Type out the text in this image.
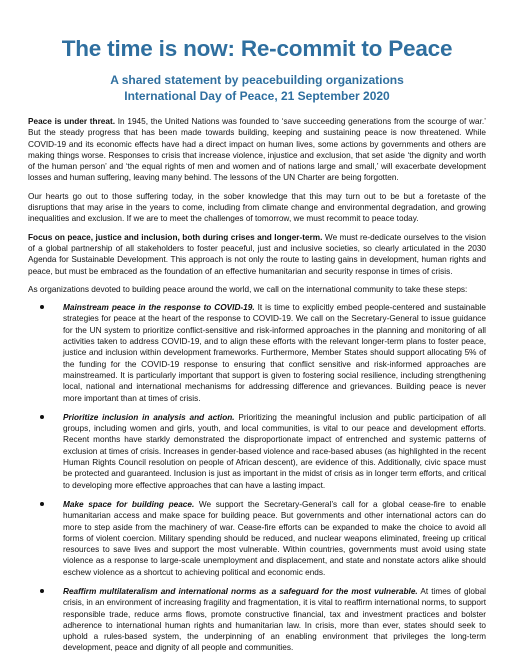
The time is now: Re-commit to Peace
A shared statement by peacebuilding organizations
International Day of Peace, 21 September 2020

Peace is under threat. In 1945, the United Nations was founded to ‘save succeeding generations from the scourge of war.’ But the steady progress that has been made towards building, keeping and sustaining peace is now threatened. While COVID-19 and its economic effects have had a direct impact on human lives, some actions by governments and others are making things worse. Responses to crisis that increase violence, injustice and exclusion, that set aside ‘the dignity and worth of the human person’ and ‘the equal rights of men and women and of nations large and small,’ will exacerbate development losses and human suffering, leaving many behind. The lessons of the UN Charter are being forgotten.

Our hearts go out to those suffering today, in the sober knowledge that this may turn out to be but a foretaste of the disruptions that may arise in the years to come, including from climate change and environmental degradation, and growing inequalities and exclusion. If we are to meet the challenges of tomorrow, we must recommit to peace today.

Focus on peace, justice and inclusion, both during crises and longer-term. We must re-dedicate ourselves to the vision of a global partnership of all stakeholders to foster peaceful, just and inclusive societies, so clearly articulated in the 2030 Agenda for Sustainable Development. This approach is not only the route to lasting gains in development, human rights and peace, but must be embraced as the foundation of an effective humanitarian and security response in times of crisis.

As organizations devoted to building peace around the world, we call on the international community to take these steps:

Mainstream peace in the response to COVID-19. It is time to explicitly embed people-centered and sustainable strategies for peace at the heart of the response to COVID-19. We call on the Secretary-General to issue guidance for the UN system to prioritize conflict-sensitive and risk-informed approaches in the planning and monitoring of all activities taken to address COVID-19, and to align these efforts with the relevant longer-term plans to foster peace, justice and inclusion within development frameworks. Furthermore, Member States should support allocating 5% of the funding for the COVID-19 response to ensuring that conflict sensitive and risk-informed approaches are mainstreamed. It is particularly important that support is given to fostering social resilience, including strengthening local, national and international mechanisms for addressing difference and grievances. Building peace is never more important than at times of crisis.
Prioritize inclusion in analysis and action. Prioritizing the meaningful inclusion and public participation of all groups, including women and girls, youth, and local communities, is vital to our peace and development efforts. Recent months have starkly demonstrated the disproportionate impact of entrenched and systemic patterns of exclusion at times of crisis. Increases in gender-based violence and race-based abuses (as highlighted in the recent Human Rights Council resolution on people of African descent), are evidence of this. Additionally, civic space must be protected and guaranteed. Inclusion is just as important in the midst of crisis as in longer term efforts, and critical to developing more effective approaches that can have a lasting impact.
Make space for building peace. We support the Secretary-General’s call for a global cease-fire to enable humanitarian access and make space for building peace. But governments and other international actors can do more to step aside from the machinery of war. Cease-fire efforts can be expanded to make the choice to avoid all forms of violent coercion. Military spending should be reduced, and nuclear weapons eliminated, freeing up critical resources to save lives and support the most vulnerable. Within countries, governments must avoid using state violence as a response to large-scale unemployment and displacement, and state and nonstate actors alike should eschew violence as a shortcut to achieving political and economic ends.
Reaffirm multilateralism and international norms as a safeguard for the most vulnerable. At times of global crisis, in an environment of increasing fragility and fragmentation, it is vital to reaffirm international norms, to support responsible trade, reduce arms flows, promote constructive financial, tax and investment practices and bolster adherence to international human rights and humanitarian law. In crisis, more than ever, states should seek to uphold a rules-based system, the underpinning of an enabling environment that privileges the long-term development, peace and dignity of all people and communities.
